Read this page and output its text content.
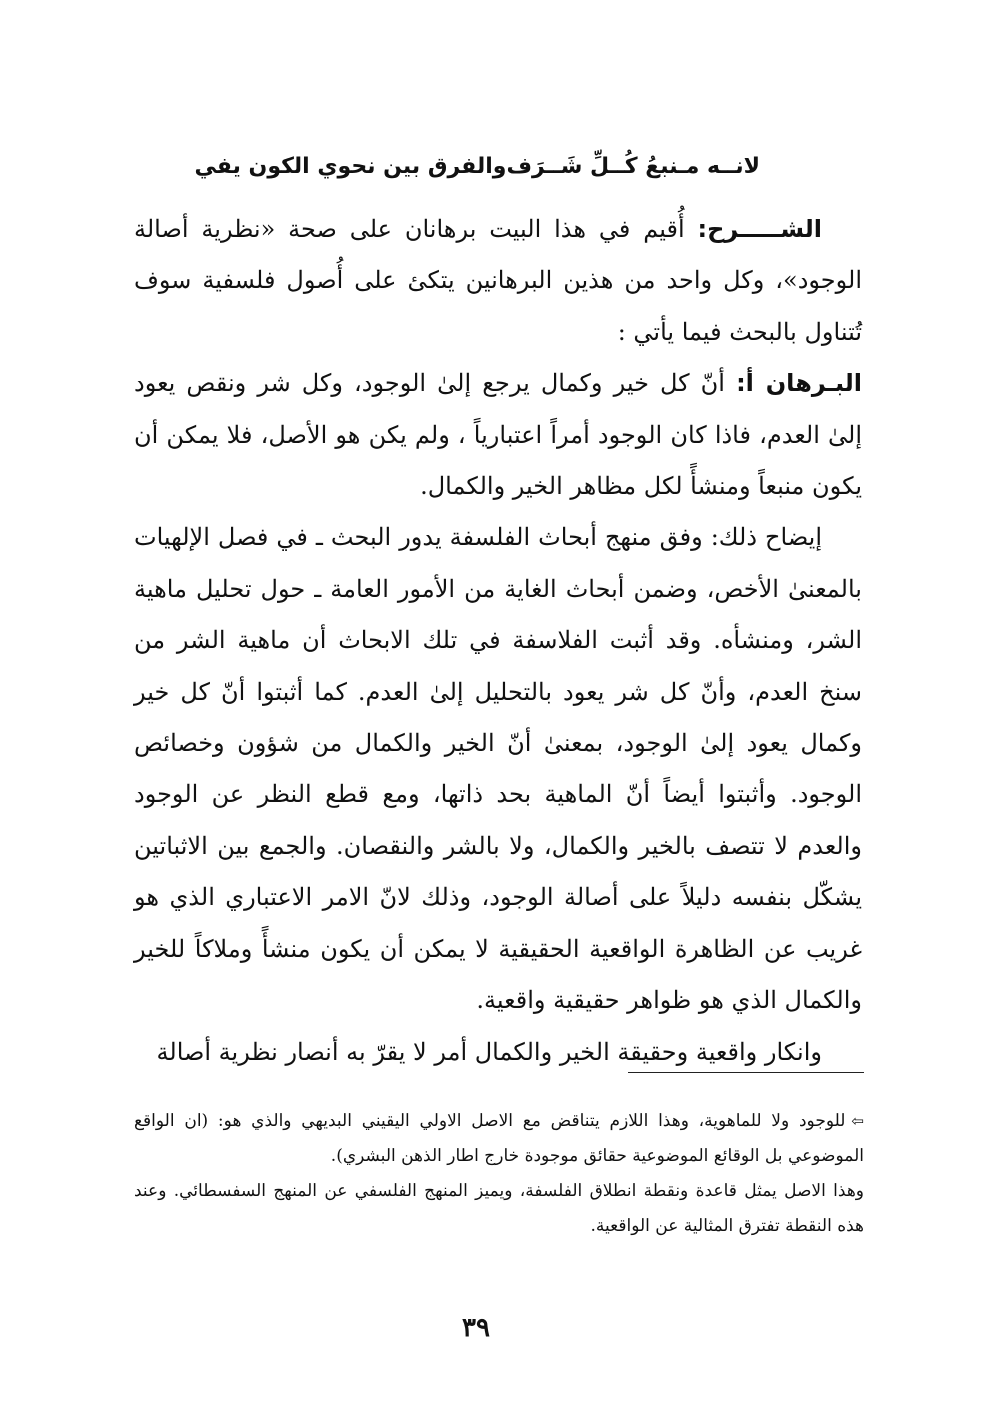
لانــه مـنبعُ كُــلِّ شَــرَف
والفرق بين نحوي الكون يفي

الشـــــرح: أُقيم في هذا البيت برهانان على صحة «نظرية أصالة الوجود»، وكل واحد من هذين البرهانين يتكئ على أُصول فلسفية سوف تُتناول بالبحث فيما يأتي :

البـرهان أ: أنّ كل خير وكمال يرجع إلىٰ الوجود، وكل شر ونقص يعود إلىٰ العدم، فاذا كان الوجود أمراً اعتبارياً ، ولم يكن هو الأصل، فلا يمكن أن يكون منبعاً ومنشأً لكل مظاهر الخير والكمال.

إيضاح ذلك: وفق منهج أبحاث الفلسفة يدور البحث ـ في فصل الإلهيات بالمعنىٰ الأخص، وضمن أبحاث الغاية من الأمور العامة ـ حول تحليل ماهية الشر، ومنشأه. وقد أثبت الفلاسفة في تلك الابحاث أن ماهية الشر من سنخ العدم، وأنّ كل شر يعود بالتحليل إلىٰ العدم. كما أثبتوا أنّ كل خير وكمال يعود إلىٰ الوجود، بمعنىٰ أنّ الخير والكمال من شؤون وخصائص الوجود. وأثبتوا أيضاً أنّ الماهية بحد ذاتها، ومع قطع النظر عن الوجود والعدم لا تتصف بالخير والكمال، ولا بالشر والنقصان. والجمع بين الاثباتين يشكّل بنفسه دليلاً على أصالة الوجود، وذلك لانّ الامر الاعتباري الذي هو غريب عن الظاهرة الواقعية الحقيقية لا يمكن أن يكون منشأً وملاكاً للخير والكمال الذي هو ظواهر حقيقية واقعية.

وانكار واقعية وحقيقة الخير والكمال أمر لا يقرّ به أنصار نظرية أصالة

⇦للوجود ولا للماهوية، وهذا اللازم يتناقض مع الاصل الاولي اليقيني البديهي والذي هو: (ان الواقع الموضوعي بل الوقائع الموضوعية حقائق موجودة خارج اطار الذهن البشري).

وهذا الاصل يمثل قاعدة ونقطة انطلاق الفلسفة، ويميز المنهج الفلسفي عن المنهج السفسطائي. وعند هذه النقطة تفترق المثالية عن الواقعية.

٣٩
